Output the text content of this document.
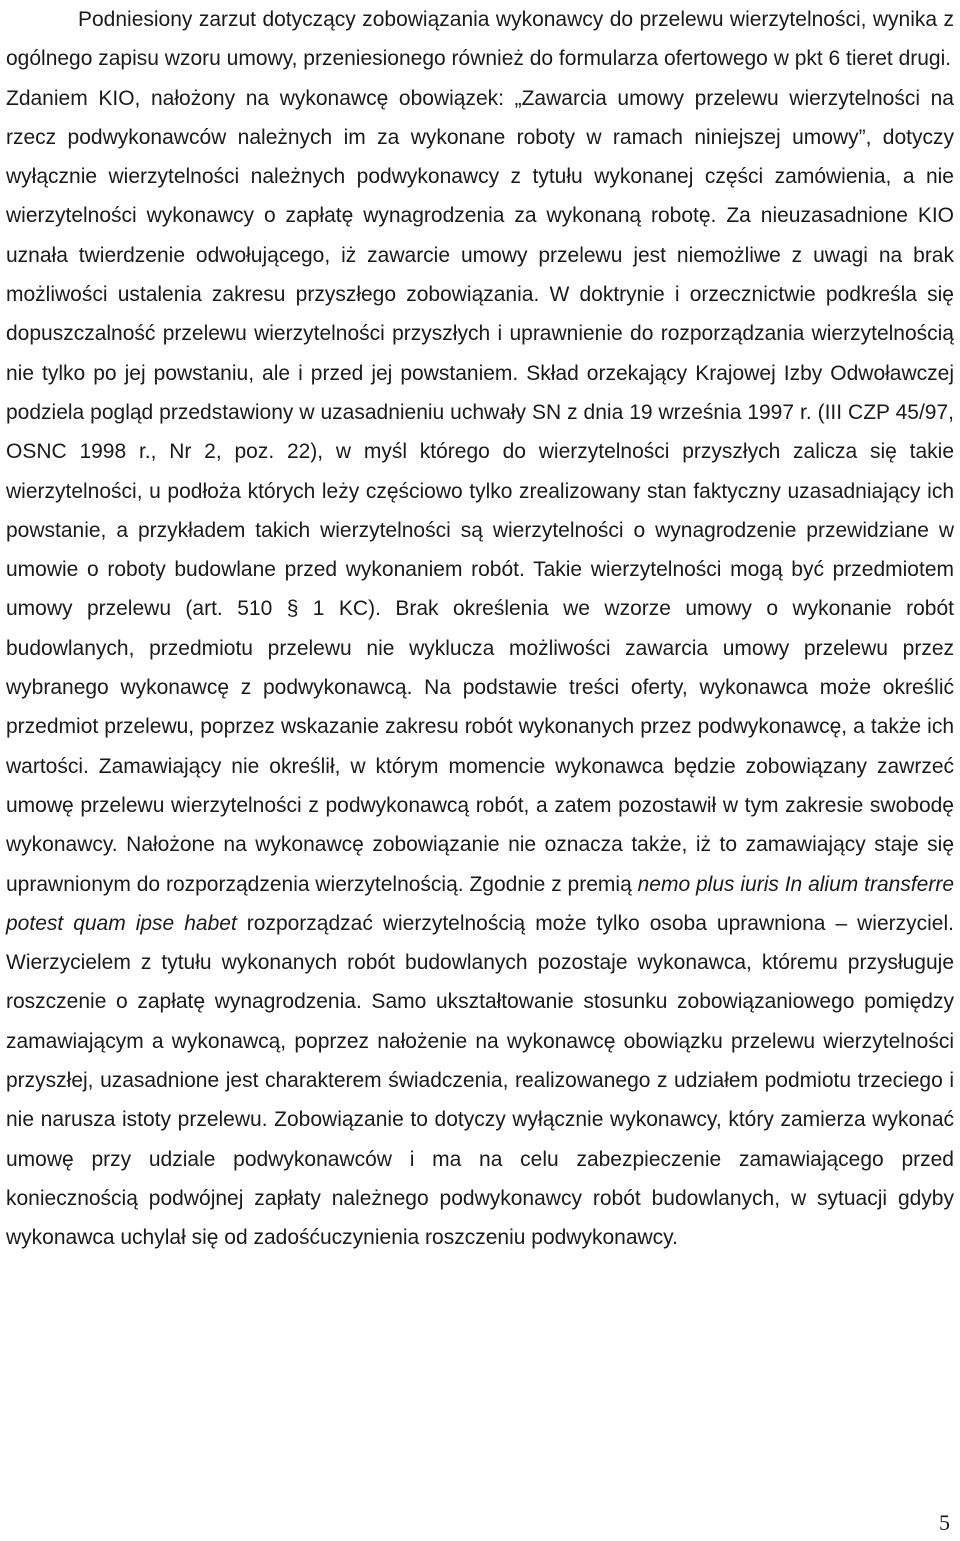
Podniesiony zarzut dotyczący zobowiązania wykonawcy do przelewu wierzytelności, wynika z ogólnego zapisu wzoru umowy, przeniesionego również do formularza ofertowego w pkt 6 tieret drugi.

Zdaniem KIO, nałożony na wykonawcę obowiązek: „Zawarcia umowy przelewu wierzytelności na rzecz podwykonawców należnych im za wykonane roboty w ramach niniejszej umowy”, dotyczy wyłącznie wierzytelności należnych podwykonawcy z tytułu wykonanej części zamówienia, a nie wierzytelności wykonawcy o zapłatę wynagrodzenia za wykonaną robotę. Za nieuzasadnione KIO uznała twierdzenie odwołującego, iż zawarcie umowy przelewu jest niemożliwe z uwagi na brak możliwości ustalenia zakresu przyszłego zobowiązania. W doktrynie i orzecznictwie podkreśla się dopuszczalność przelewu wierzytelności przyszłych i uprawnienie do rozporządzania wierzytelnością nie tylko po jej powstaniu, ale i przed jej powstaniem. Skład orzekający Krajowej Izby Odwoławczej podziela pogląd przedstawiony w uzasadnieniu uchwały SN z dnia 19 września 1997 r. (III CZP 45/97, OSNC 1998 r., Nr 2, poz. 22), w myśl którego do wierzytelności przyszłych zalicza się takie wierzytelności, u podłoża których leży częściowo tylko zrealizowany stan faktyczny uzasadniający ich powstanie, a przykładem takich wierzytelności są wierzytelności o wynagrodzenie przewidziane w umowie o roboty budowlane przed wykonaniem robót. Takie wierzytelności mogą być przedmiotem umowy przelewu (art. 510 § 1 KC). Brak określenia we wzorze umowy o wykonanie robót budowlanych, przedmiotu przelewu nie wyklucza możliwości zawarcia umowy przelewu przez wybranego wykonawcę z podwykonawcą. Na podstawie treści oferty, wykonawca może określić przedmiot przelewu, poprzez wskazanie zakresu robót wykonanych przez podwykonawcę, a także ich wartości. Zamawiający nie określił, w którym momencie wykonawca będzie zobowiązany zawrzeć umowę przelewu wierzytelności z podwykonawcą robót, a zatem pozostawił w tym zakresie swobodę wykonawcy. Nałożone na wykonawcę zobowiązanie nie oznacza także, iż to zamawiający staje się uprawnionym do rozporządzenia wierzytelnością. Zgodnie z premią nemo plus iuris In alium transferre potest quam ipse habet rozporządzać wierzytelnością może tylko osoba uprawniona – wierzyciel. Wierzycielem z tytułu wykonanych robót budowlanych pozostaje wykonawca, któremu przysługuje roszczenie o zapłatę wynagrodzenia. Samo ukształtowanie stosunku zobowiązaniowego pomiędzy zamawiającym a wykonawcą, poprzez nałożenie na wykonawcę obowiązku przelewu wierzytelności przyszłej, uzasadnione jest charakterem świadczenia, realizowanego z udziałem podmiotu trzeciego i nie narusza istoty przelewu. Zobowiązanie to dotyczy wyłącznie wykonawcy, który zamierza wykonać umowę przy udziale podwykonawców i ma na celu zabezpieczenie zamawiającego przed koniecznością podwójnej zapłaty należnego podwykonawcy robót budowlanych, w sytuacji gdyby wykonawca uchylał się od zadośćuczynienia roszczeniu podwykonawcy.

5
